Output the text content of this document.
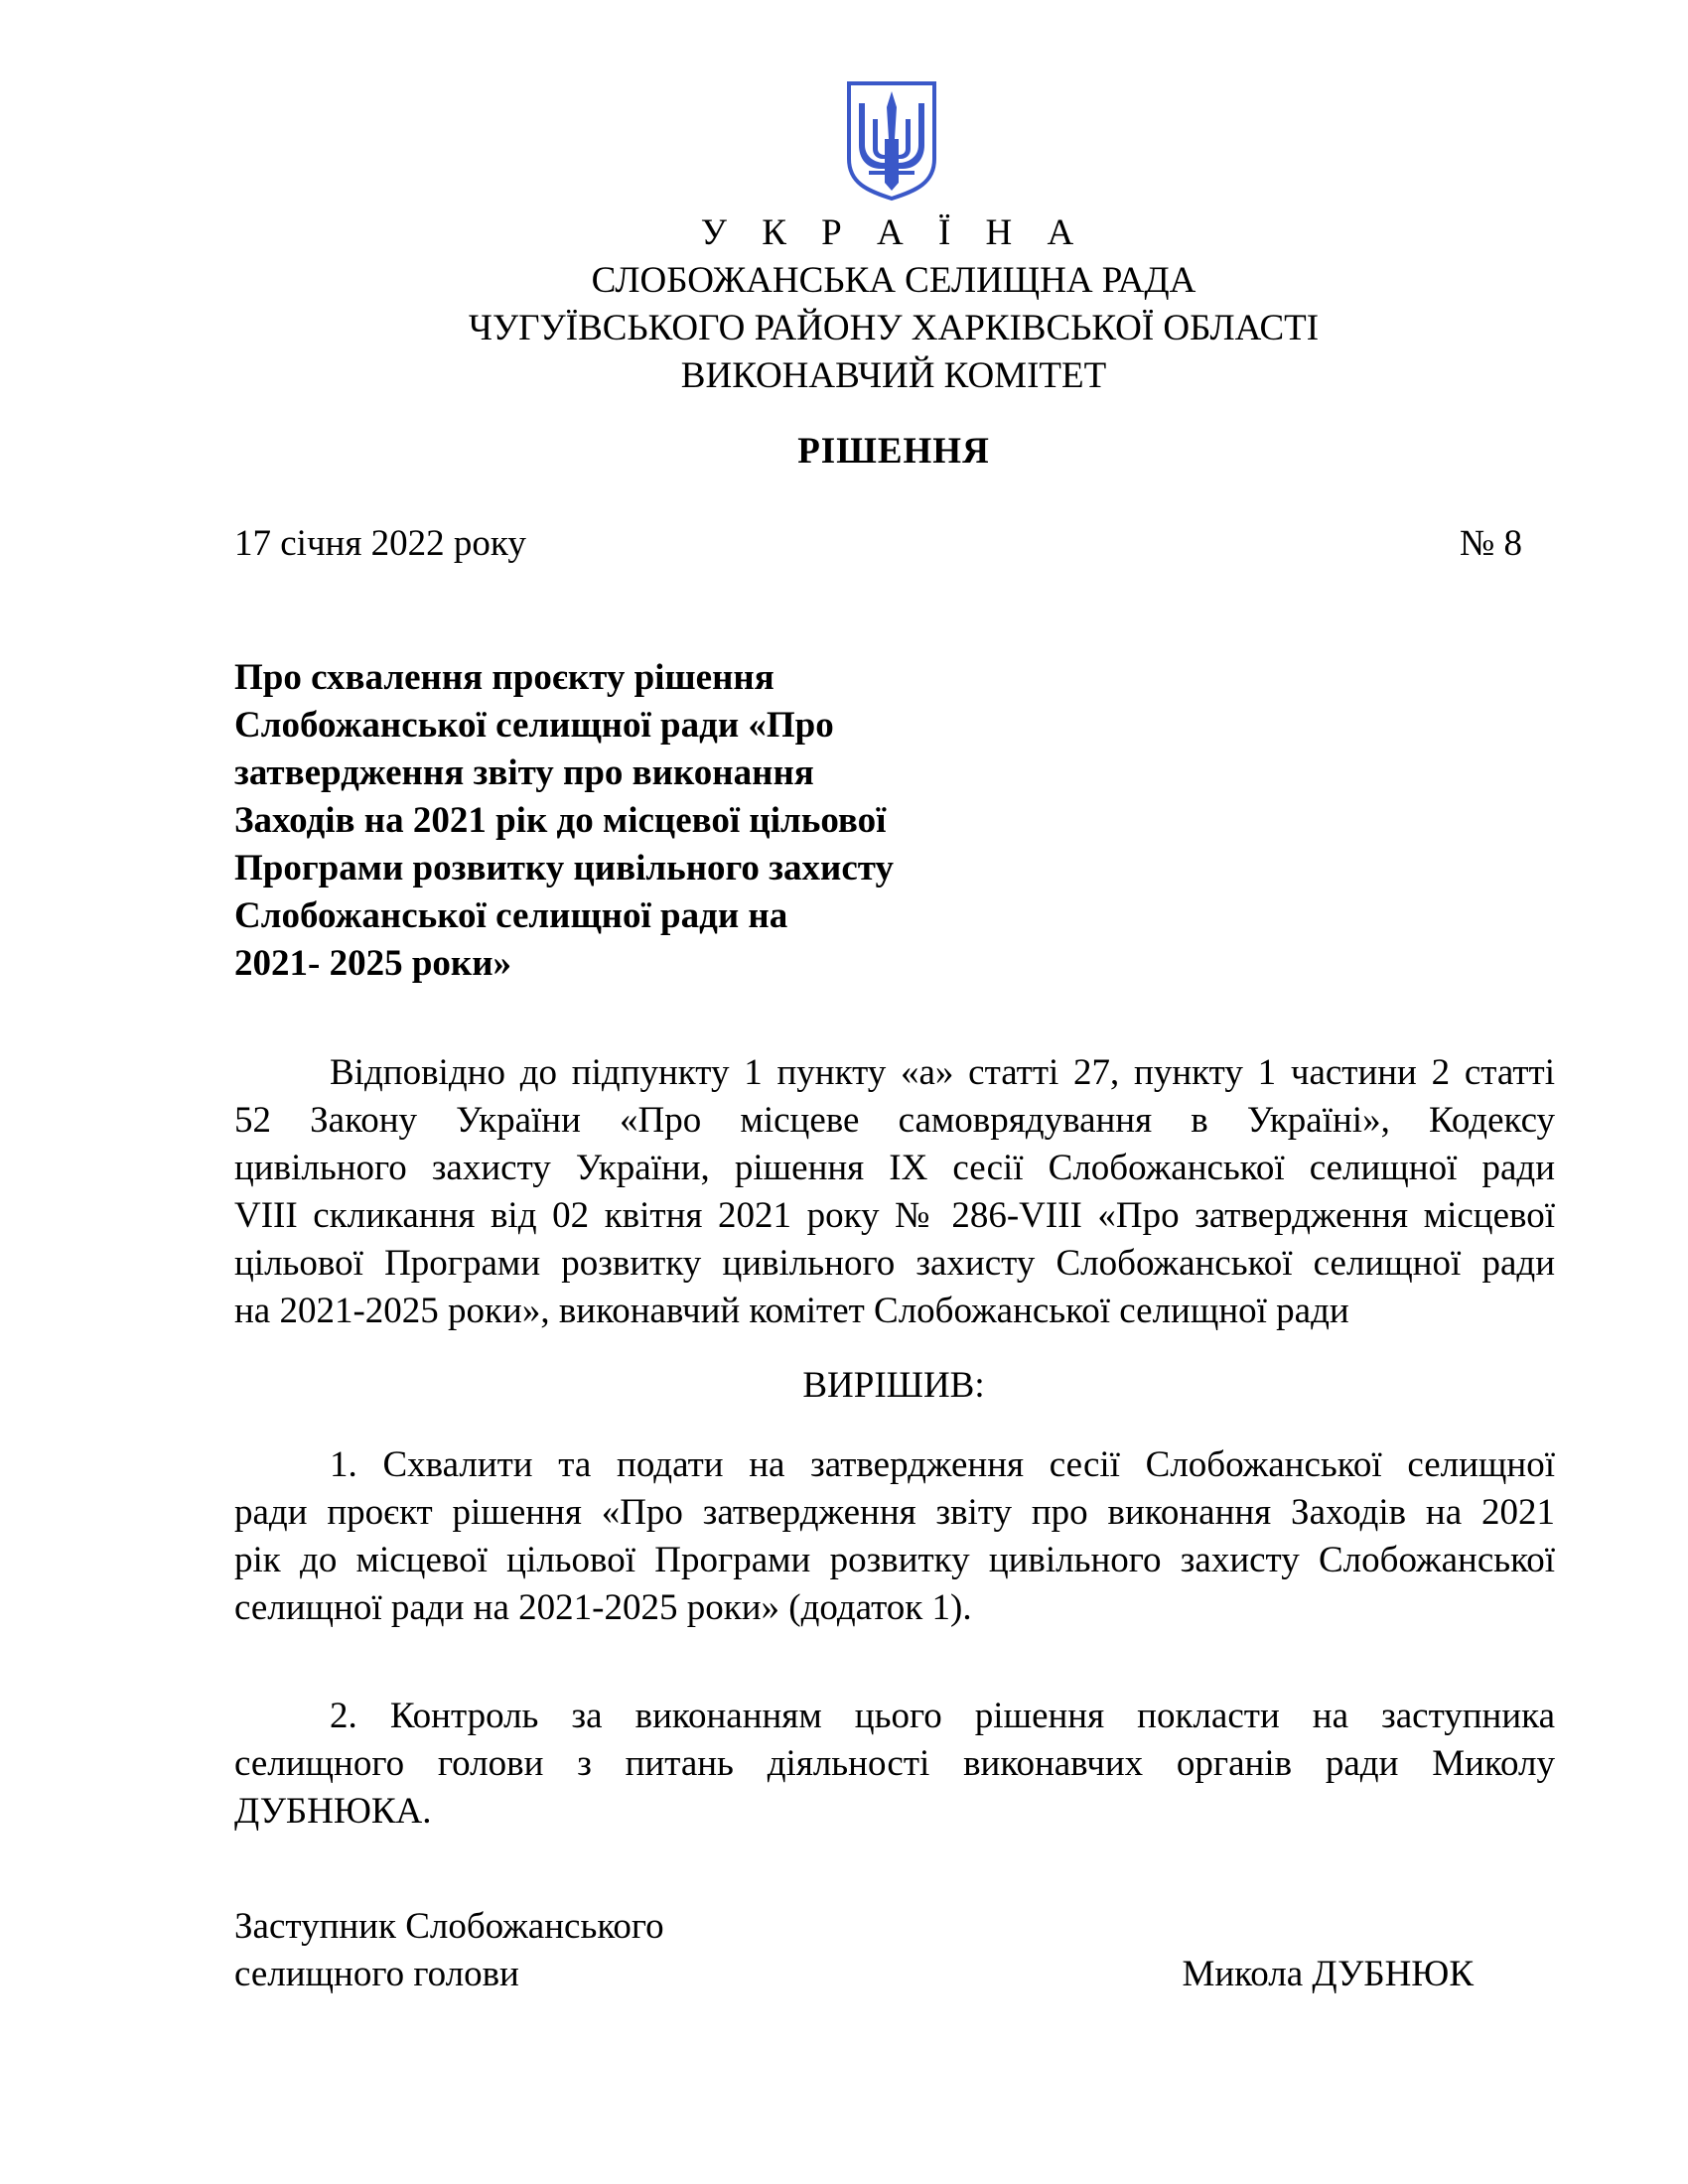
У К Р А Ї Н А
СЛОБОЖАНСЬКА СЕЛИЩНА РАДА
ЧУГУЇВСЬКОГО РАЙОНУ ХАРКІВСЬКОЇ ОБЛАСТІ
ВИКОНАВЧИЙ КОМІТЕТ
РІШЕННЯ
17 січня 2022 року	№ 8
Про схвалення проєкту рішення
Слобожанської селищної ради «Про
затвердження звіту про виконання
Заходів на 2021 рік до місцевої цільової
Програми розвитку цивільного захисту
Слобожанської селищної ради на
2021- 2025 роки»
Відповідно до підпункту 1 пункту «а» статті 27, пункту 1 частини 2 статті
52 Закону України «Про місцеве самоврядування в Україні», Кодексу
цивільного захисту України, рішення IX сесії Слобожанської селищної ради
VIII скликання від 02 квітня 2021 року № 286-VIII «Про затвердження місцевої
цільової Програми розвитку цивільного захисту Слобожанської селищної ради
на 2021-2025 роки», виконавчий комітет Слобожанської селищної ради
ВИРІШИВ:
1. Схвалити та подати на затвердження сесії Слобожанської селищної
ради проєкт рішення «Про затвердження звіту про виконання Заходів на 2021
рік до місцевої цільової Програми розвитку цивільного захисту Слобожанської
селищної ради на 2021-2025 роки» (додаток 1).
2. Контроль за виконанням цього рішення покласти на заступника
селищного голови з питань діяльності виконавчих органів ради Миколу
ДУБНЮКА.
Заступник Слобожанського
селищного голови	Микола ДУБНЮК
